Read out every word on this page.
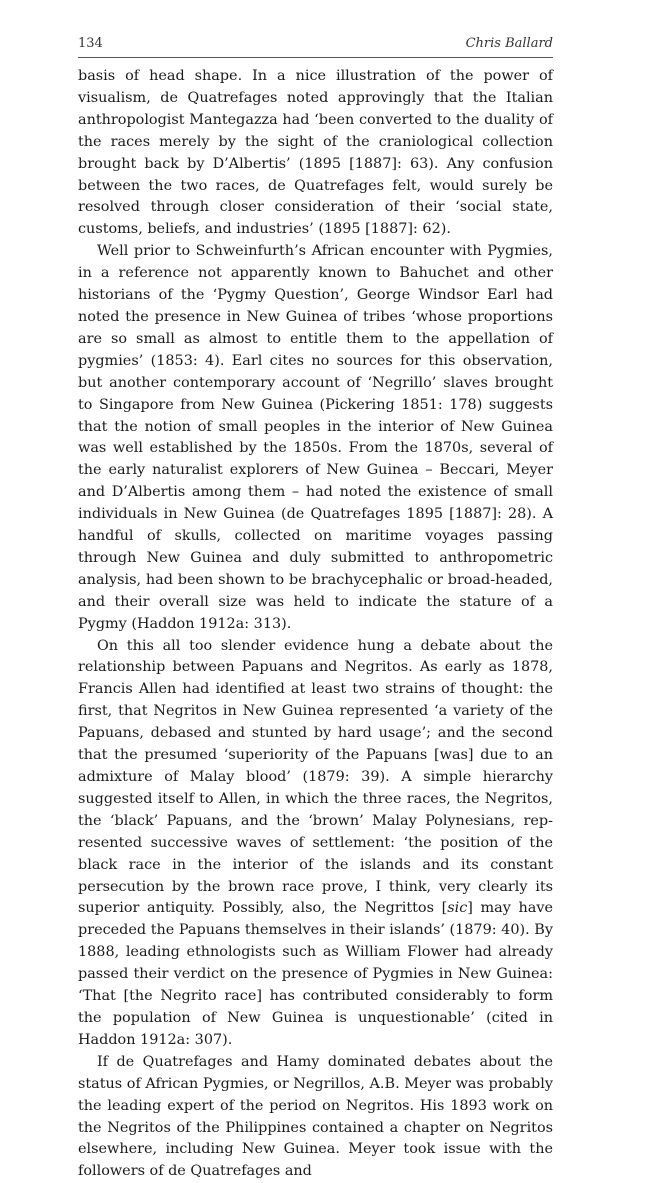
134	Chris Ballard

basis of head shape. In a nice illustration of the power of visualism, de Quatrefages noted approvingly that the Italian anthropologist Mantegazza had ‘been converted to the duality of the races merely by the sight of the craniological collection brought back by D’Albertis’ (1895 [1887]: 63). Any confusion between the two races, de Quatrefages felt, would surely be resolved through closer consideration of their ‘social state, customs, beliefs, and industries’ (1895 [1887]: 62).

Well prior to Schweinfurth’s African encounter with Pygmies, in a reference not apparently known to Bahuchet and other historians of the ‘Pygmy Question’, George Windsor Earl had noted the presence in New Guinea of tribes ‘whose proportions are so small as almost to entitle them to the appellation of pygmies’ (1853: 4). Earl cites no sources for this observation, but another contemporary account of ‘Negrillo’ slaves brought to Singapore from New Guinea (Pickering 1851: 178) suggests that the notion of small peoples in the interior of New Guinea was well established by the 1850s. From the 1870s, several of the early naturalist explorers of New Guinea – Beccari, Meyer and D’Albertis among them – had noted the existence of small individuals in New Guinea (de Quatrefages 1895 [1887]: 28). A handful of skulls, collected on maritime voyages passing through New Guinea and duly submitted to anthropometric analysis, had been shown to be brachycephalic or broad-headed, and their overall size was held to indicate the stature of a Pygmy (Haddon 1912a: 313).

On this all too slender evidence hung a debate about the relationship between Papuans and Negritos. As early as 1878, Francis Allen had identified at least two strains of thought: the first, that Negritos in New Guinea represented ‘a variety of the Papuans, debased and stunted by hard usage’; and the second that the presumed ‘superiority of the Papuans [was] due to an admixture of Malay blood’ (1879: 39). A simple hierarchy suggested itself to Allen, in which the three races, the Negritos, the ‘black’ Papuans, and the ‘brown’ Malay Polynesians, represented successive waves of settlement: ‘the position of the black race in the interior of the islands and its constant persecution by the brown race prove, I think, very clearly its superior antiquity. Possibly, also, the Negrittos [sic] may have preceded the Papuans themselves in their islands’ (1879: 40). By 1888, leading ethnologists such as William Flower had already passed their verdict on the presence of Pygmies in New Guinea: ‘That [the Negrito race] has contributed considerably to form the population of New Guinea is unquestionable’ (cited in Haddon 1912a: 307).

If de Quatrefages and Hamy dominated debates about the status of African Pygmies, or Negrillos, A.B. Meyer was probably the leading expert of the period on Negritos. His 1893 work on the Negritos of the Philippines contained a chapter on Negritos elsewhere, including New Guinea. Meyer took issue with the followers of de Quatrefages and
